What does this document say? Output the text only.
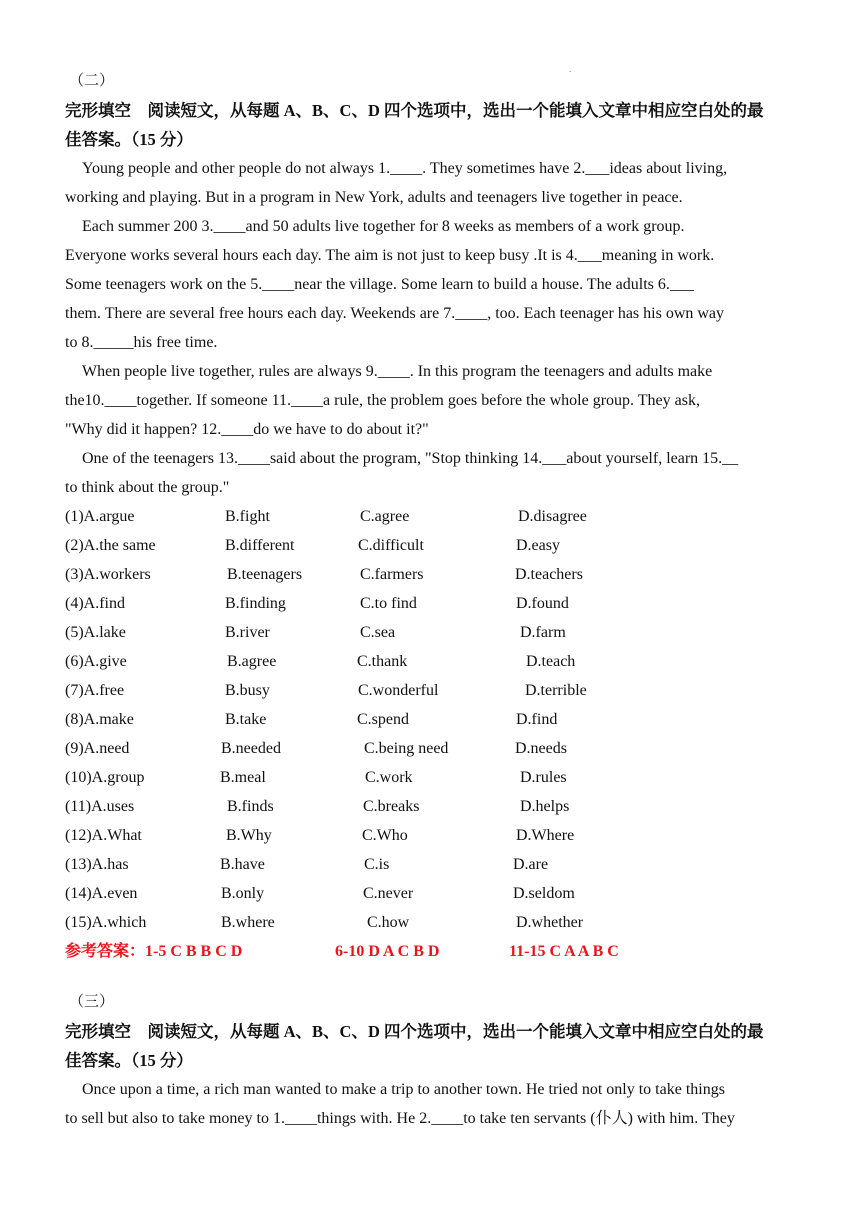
.
（二）
完形填空　阅读短文，从每题 A、B、C、D 四个选项中，选出一个能填入文章中相应空白处的最
佳答案。（15 分）
Young people and other people do not always 1.____. They sometimes have 2.___ideas about living,
working and playing. But in a program in New York, adults and teenagers live together in peace.
Each summer 200 3.____and 50 adults live together for 8 weeks as members of a work group.
Everyone works several hours each day. The aim is not just to keep busy .It is 4.___meaning in work.
Some teenagers work on the 5.____near the village. Some learn to build a house. The adults 6.___
them. There are several free hours each day. Weekends are 7.____, too. Each teenager has his own way
to 8._____his free time.
When people live together, rules are always 9.____. In this program the teenagers and adults make
the10.____together. If someone 11.____a rule, the problem goes before the whole group. They ask,
"Why did it happen? 12.____do we have to do about it?"
One of the teenagers 13.____said about the program, "Stop thinking 14.___about yourself, learn 15.__
to think about the group."
(1)A.argue	B.fight	C.agree	D.disagree
(2)A.the same	B.different	C.difficult	D.easy
(3)A.workers	B.teenagers	C.farmers	D.teachers
(4)A.find	B.finding	C.to find	D.found
(5)A.lake	B.river	C.sea	D.farm
(6)A.give	B.agree	C.thank	D.teach
(7)A.free	B.busy	C.wonderful	D.terrible
(8)A.make	B.take	C.spend	D.find
(9)A.need	B.needed	C.being need	D.needs
(10)A.group	B.meal	C.work	D.rules
(11)A.uses	B.finds	C.breaks	D.helps
(12)A.What	B.Why	C.Who	D.Where
(13)A.has	B.have	C.is	D.are
(14)A.even	B.only	C.never	D.seldom
(15)A.which	B.where	C.how	D.whether
参考答案：1-5 C B B C D	6-10 D A C B D	11-15 C A A B C
（三）
完形填空　阅读短文，从每题 A、B、C、D 四个选项中，选出一个能填入文章中相应空白处的最
佳答案。（15 分）
Once upon a time, a rich man wanted to make a trip to another town. He tried not only to take things
to sell but also to take money to 1.____things with. He 2.____to take ten servants (仆人) with him. They
